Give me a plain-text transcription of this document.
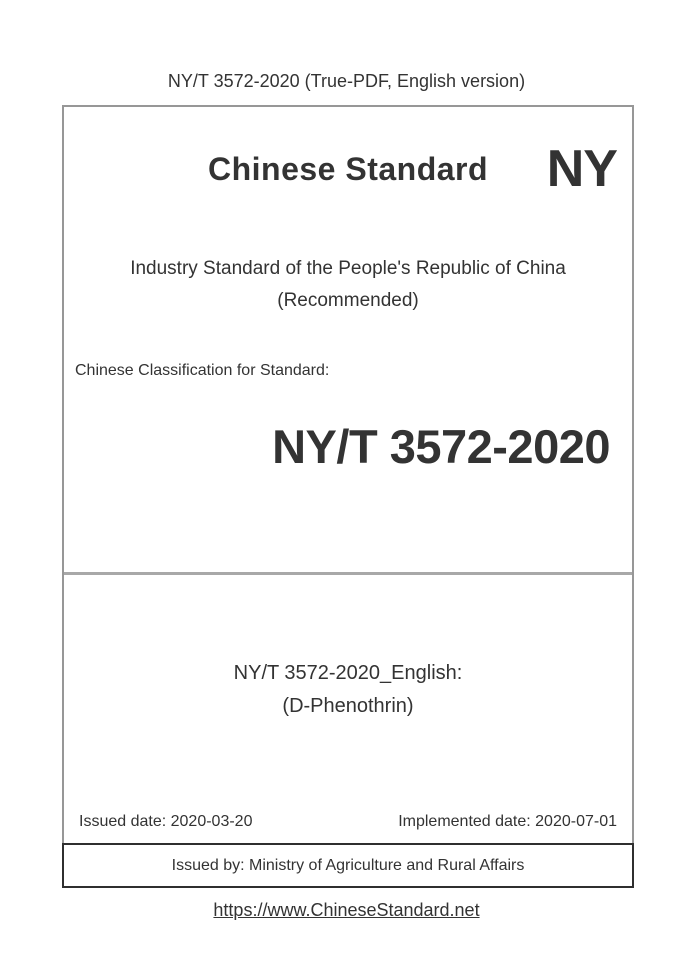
NY/T 3572-2020 (True-PDF, English version)
Chinese Standard	NY
Industry Standard of the People's Republic of China
(Recommended)
Chinese Classification for Standard:
NY/T 3572-2020
NY/T 3572-2020_English:
(D-Phenothrin)
Issued date: 2020-03-20	Implemented date: 2020-07-01
Issued by: Ministry of Agriculture and Rural Affairs
https://www.ChineseStandard.net
